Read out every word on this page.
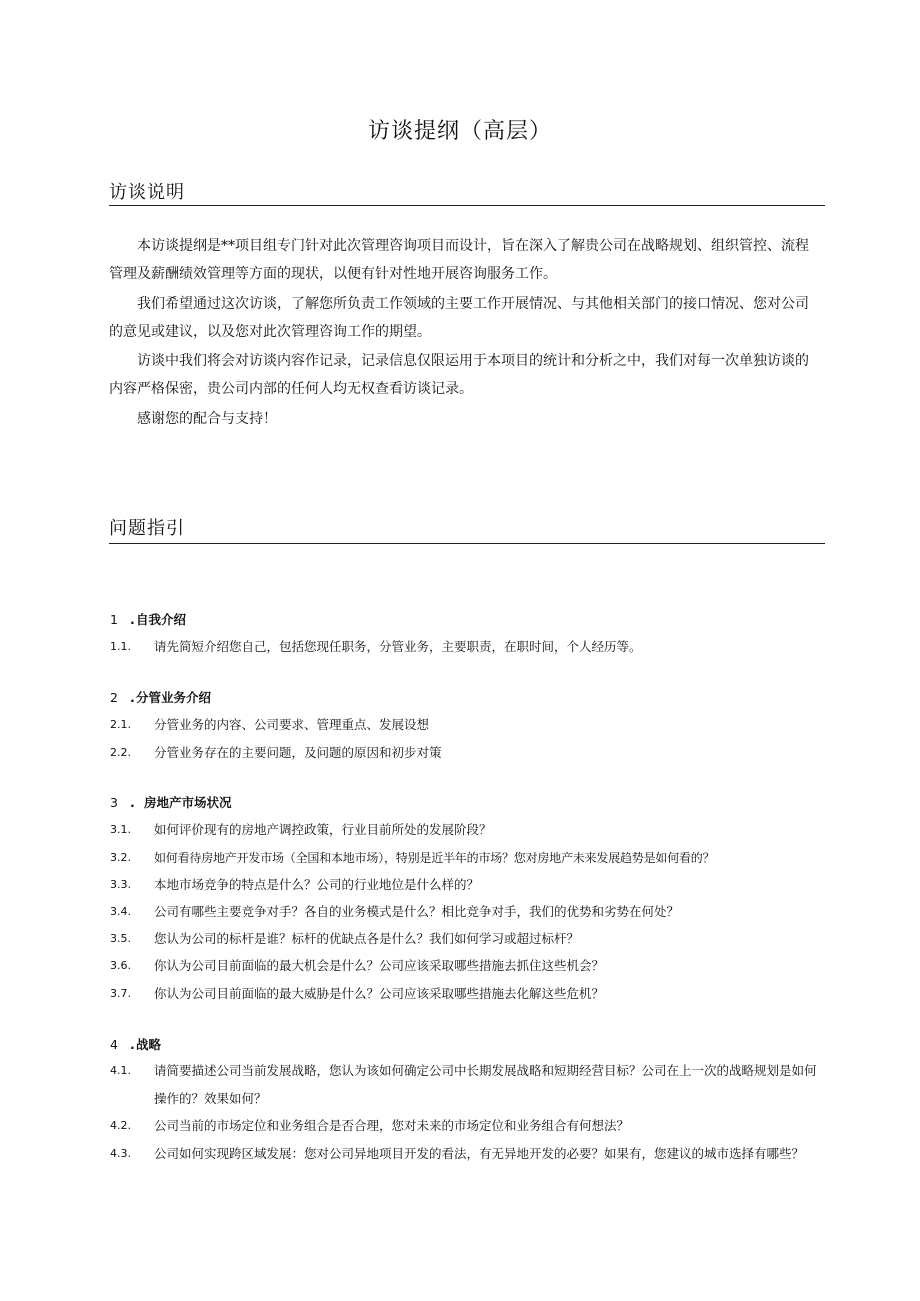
访谈提纲（高层）
访谈说明
本访谈提纲是**项目组专门针对此次管理咨询项目而设计，旨在深入了解贵公司在战略规划、组织管控、流程管理及薪酬绩效管理等方面的现状，以便有针对性地开展咨询服务工作。
我们希望通过这次访谈，了解您所负责工作领域的主要工作开展情况、与其他相关部门的接口情况、您对公司的意见或建议，以及您对此次管理咨询工作的期望。
访谈中我们将会对访谈内容作记录，记录信息仅限运用于本项目的统计和分析之中，我们对每一次单独访谈的内容严格保密，贵公司内部的任何人均无权查看访谈记录。
感谢您的配合与支持！
问题指引
1 .自我介绍
1.1. 请先简短介绍您自己，包括您现任职务，分管业务，主要职责，在职时间，个人经历等。
2 .分管业务介绍
2.1. 分管业务的内容、公司要求、管理重点、发展设想
2.2. 分管业务存在的主要问题，及问题的原因和初步对策
3 . 房地产市场状况
3.1. 如何评价现有的房地产调控政策，行业目前所处的发展阶段？
3.2. 如何看待房地产开发市场（全国和本地市场），特别是近半年的市场？您对房地产未来发展趋势是如何看的？
3.3. 本地市场竞争的特点是什么？公司的行业地位是什么样的？
3.4. 公司有哪些主要竞争对手？各自的业务模式是什么？相比竞争对手，我们的优势和劣势在何处？
3.5. 您认为公司的标杆是谁？标杆的优缺点各是什么？我们如何学习或超过标杆？
3.6. 你认为公司目前面临的最大机会是什么？公司应该采取哪些措施去抓住这些机会？
3.7. 你认为公司目前面临的最大威胁是什么？公司应该采取哪些措施去化解这些危机？
4 .战略
4.1. 请简要描述公司当前发展战略，您认为该如何确定公司中长期发展战略和短期经营目标？公司在上一次的战略规划是如何操作的？效果如何？
4.2. 公司当前的市场定位和业务组合是否合理，您对未来的市场定位和业务组合有何想法？
4.3. 公司如何实现跨区域发展：您对公司异地项目开发的看法，有无异地开发的必要？如果有，您建议的城市选择有哪些？
